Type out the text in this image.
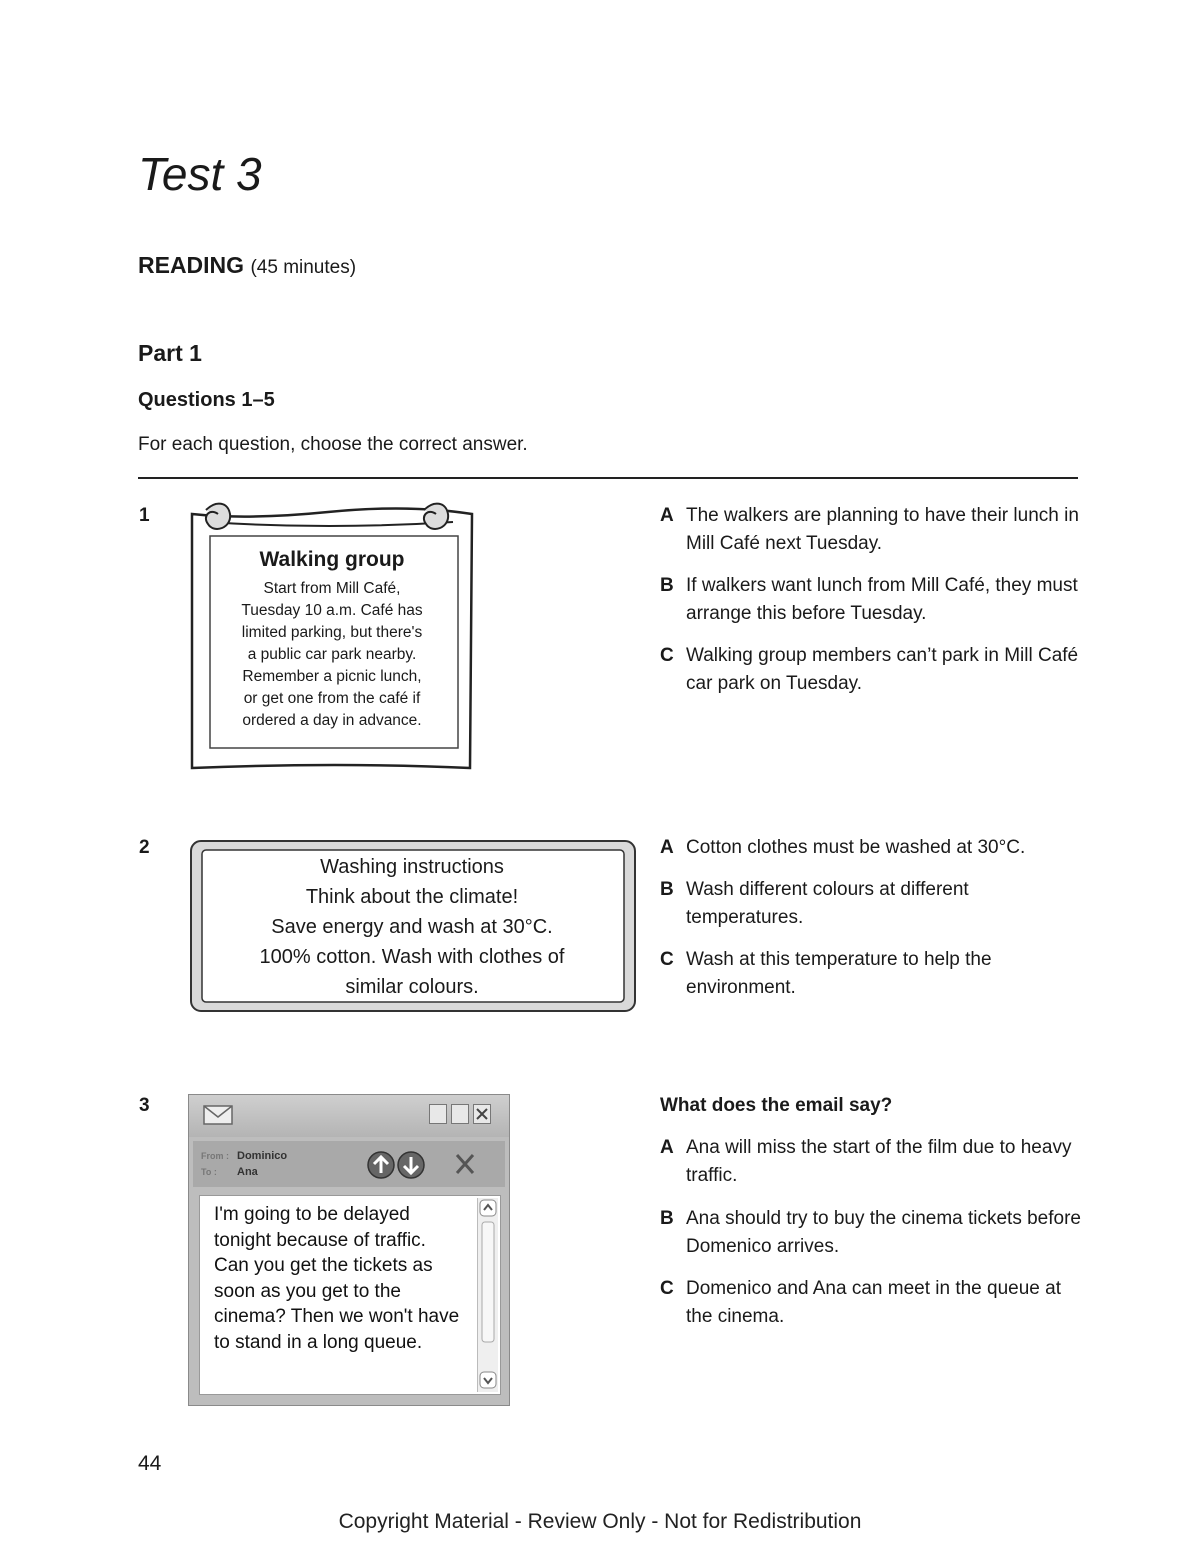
Test 3
READING (45 minutes)
Part 1
Questions 1–5
For each question, choose the correct answer.
1
Walking group
Start from Mill Café,
Tuesday 10 a.m. Café has
limited parking, but there's
a public car park nearby.
Remember a picnic lunch,
or get one from the café if
ordered a day in advance.
A The walkers are planning to have their lunch in Mill Café next Tuesday.
B If walkers want lunch from Mill Café, they must arrange this before Tuesday.
C Walking group members can’t park in Mill Café car park on Tuesday.
2
Washing instructions
Think about the climate!
Save energy and wash at 30°C.
100% cotton. Wash with clothes of
similar colours.
A Cotton clothes must be washed at 30°C.
B Wash different colours at different temperatures.
C Wash at this temperature to help the environment.
3
From : Dominico
To : Ana
I'm going to be delayed tonight because of traffic. Can you get the tickets as soon as you get to the cinema? Then we won't have to stand in a long queue.
What does the email say?
A Ana will miss the start of the film due to heavy traffic.
B Ana should try to buy the cinema tickets before Domenico arrives.
C Domenico and Ana can meet in the queue at the cinema.
44
Copyright Material - Review Only - Not for Redistribution
